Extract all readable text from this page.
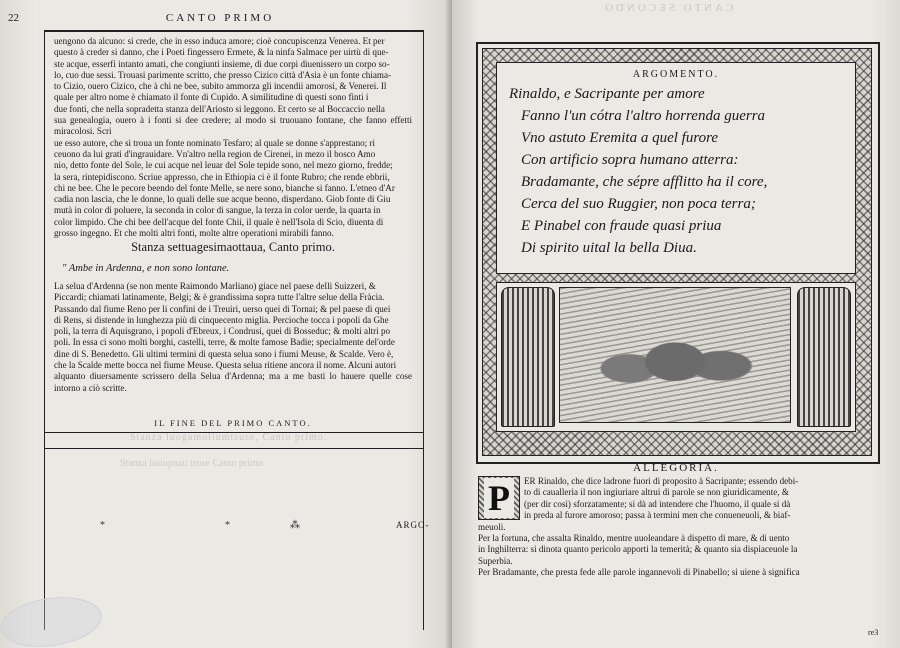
22	CANTO PRIMO
uengono da alcuno: si crede, che in esso induca amore; cioè concupiscenza Venerea. Et per
questo à creder si danno, che i Poeti fingessero Ermete, & la ninfa Salmace per uirtù di que-
ste acque, esserfi intanto amati, che congiunti insieme, di due corpi diuenissero un corpo so-
lo, cuo due sessi. Trouasi parimente scritto, che presso Cizico città d'Asia è un fonte chiama-
to Cizio, ouero Cizico, che à chi ne bee, subito ammorza gli incendii amorosi, & Venerei. Il
quale per altro nome è chiamato il fonte di Cupido. A similitudine di questi sono finti i
due fonti, che nella sopradetta stanza dell'Ariosto si leggono. Et certo se al Boccaccio nella
sua genealogia, ouero à i fonti si dee credere; al modo si truouano fontane, che fanno effetti miracolosi. Scri
ue esso autore, che si troua un fonte nominato Tesfaro; al quale se donne s'apprestano; ri
ceuono da lui grati d'ingrauidare. Vn'altro nella region de Cirenei, in mezo il bosco Amo
nio, detto fonte del Sole, le cui acque nel leuar del Sole tepide sono, nel mezo giorno, fredde;
la sera, rintepidiscono. Scriue appresso, che in Ethiopia ci è il fonte Rubro; che rende ebbrii,
chi ne bee. Che le pecore beendo del fonte Melle, se nere sono, bianche si fanno. L'etneo d'Ar
cadia non lascia, che le donne, lo quali delle sue acque beono, disperdano. Giob fonte di Giu
mutà in color di poluere, la seconda in color di sangue, la terza in color uerde, la quarta in
color limpido. Che chi bee dell'acque del fonte Chii, il quale è nell'Isola di Scio, diuenta di
grosso ingegno. Et che molti altri fonti, molte altre operationi mirabili fanno.
Stanza settuagesimaottaua, Canto primo.
" Ambe in Ardenna, e non sono lontane.
La selua d'Ardenna (se non mente Raimondo Marliano) giace nel paese delli Suizzeri, &
Piccardi; chiamati latinamente, Belgi; & è grandissima sopra tutte l'altre selue della Fràcia.
Passando dal fiume Reno per li confini de i Treuiri, uerso quei di Tornai; & pel paese di quei
di Rens, si distende in lunghezza più di cinquecento miglia. Percioche tocca i popoli da Ghe
poli, la terra di Aquisgrano, i popoli d'Ebreux, i Condrusi, quei di Bosseduc; & molti altri po
poli. In essa ci sono molti borghi, castelli, terre, & molte famose Badie; specialmente del'orde
dine di S. Benedetto. Gli ultimi termini di questa selua sono i fiumi Meuse, & Scalde. Vero è,
che la Scalde mette bocca nel fiume Meuse. Questa selua ritiene ancora il nome. Alcuni autori
alquanto diuersamente scrissero della Selua d'Ardenna; ma a me basti lo hauere quelle cose intorno a ciò scritte.
IL FINE DEL PRIMO CANTO.
Stanza luogamoliumtsuse, Canto primo.
Stanza lasiupnau tsuse Canto primo.
*	*	⁂	ARGO-
CANTO SECONDO
ARGOMENTO.
Rinaldo, e Sacripante per amore
Fanno l'un cótra l'altro horrenda guerra
Vno astuto Eremita a quel furore
Con artificio sopra humano atterra:
Bradamante, che sépre afflitto ha il core,
Cerca del suo Ruggier, non poca terra;
E Pinabel con fraude quasi priua
Di spirito uital la bella Diua.
ALLEGORIA.
ER Rinaldo, che dice ladrone fuori di proposito à Sacripante; essendo debi-
to di caualleria il non ingiuriare altrui di parole se non giuridicamente, &
(per dir così) sforzatamente; si dà ad intendere che l'huomo, il quale si dà
in preda al furore amoroso; passa à termini men che conueneuoli, & biaf-
meuoli.
Per la fortuna, che assalta Rinaldo, mentre uuoleandare à dispetto di mare, & di uento
in Inghilterra: si dinota quanto pericolo apporti la temerità; & quanto sia dispiaceuole la
Superbia.
Per Bradamante, che presta fede alle parole ingannevoli di Pinabello; si uiene à significa
P
re3
